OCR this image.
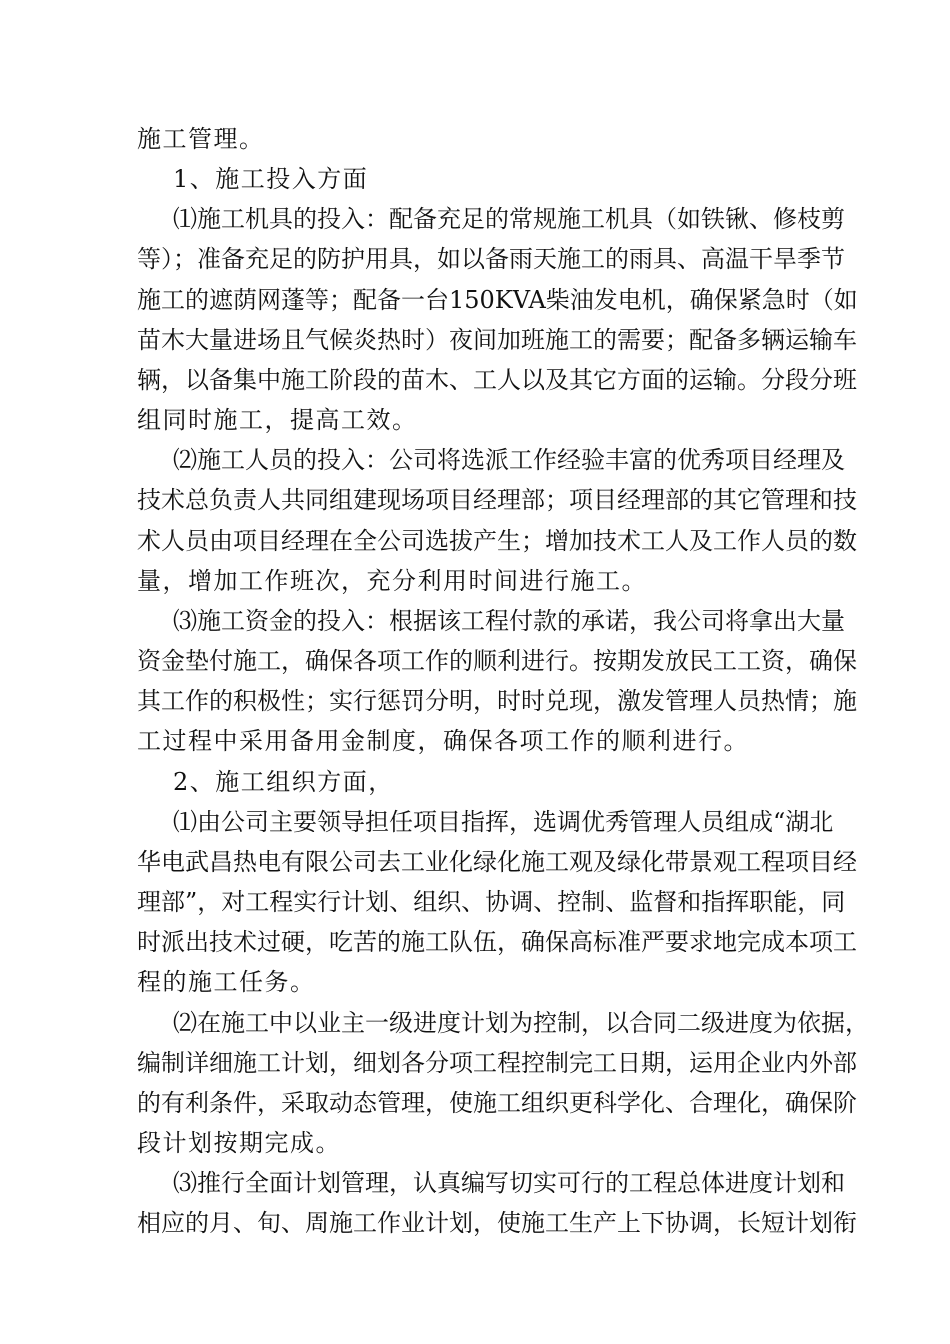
施工管理。
1、施工投入方面
⑴施工机具的投入：配备充足的常规施工机具（如铁锹、修枝剪
等）；准备充足的防护用具，如以备雨天施工的雨具、高温干旱季节
施工的遮荫网蓬等；配备一台150KVA柴油发电机，确保紧急时（如
苗木大量进场且气候炎热时）夜间加班施工的需要；配备多辆运输车
辆，以备集中施工阶段的苗木、工人以及其它方面的运输。分段分班
组同时施工，提高工效。
⑵施工人员的投入：公司将选派工作经验丰富的优秀项目经理及
技术总负责人共同组建现场项目经理部；项目经理部的其它管理和技
术人员由项目经理在全公司选拔产生；增加技术工人及工作人员的数
量，增加工作班次，充分利用时间进行施工。
⑶施工资金的投入：根据该工程付款的承诺，我公司将拿出大量
资金垫付施工，确保各项工作的顺利进行。按期发放民工工资，确保
其工作的积极性；实行惩罚分明，时时兑现，激发管理人员热情；施
工过程中采用备用金制度，确保各项工作的顺利进行。
2、施工组织方面，
⑴由公司主要领导担任项目指挥，选调优秀管理人员组成“湖北
华电武昌热电有限公司去工业化绿化施工观及绿化带景观工程项目经
理部”，对工程实行计划、组织、协调、控制、监督和指挥职能，同
时派出技术过硬，吃苦的施工队伍，确保高标准严要求地完成本项工
程的施工任务。
⑵在施工中以业主一级进度计划为控制，以合同二级进度为依据，
编制详细施工计划，细划各分项工程控制完工日期，运用企业内外部
的有利条件，采取动态管理，使施工组织更科学化、合理化，确保阶
段计划按期完成。
⑶推行全面计划管理，认真编写切实可行的工程总体进度计划和
相应的月、旬、周施工作业计划，使施工生产上下协调，长短计划衔
